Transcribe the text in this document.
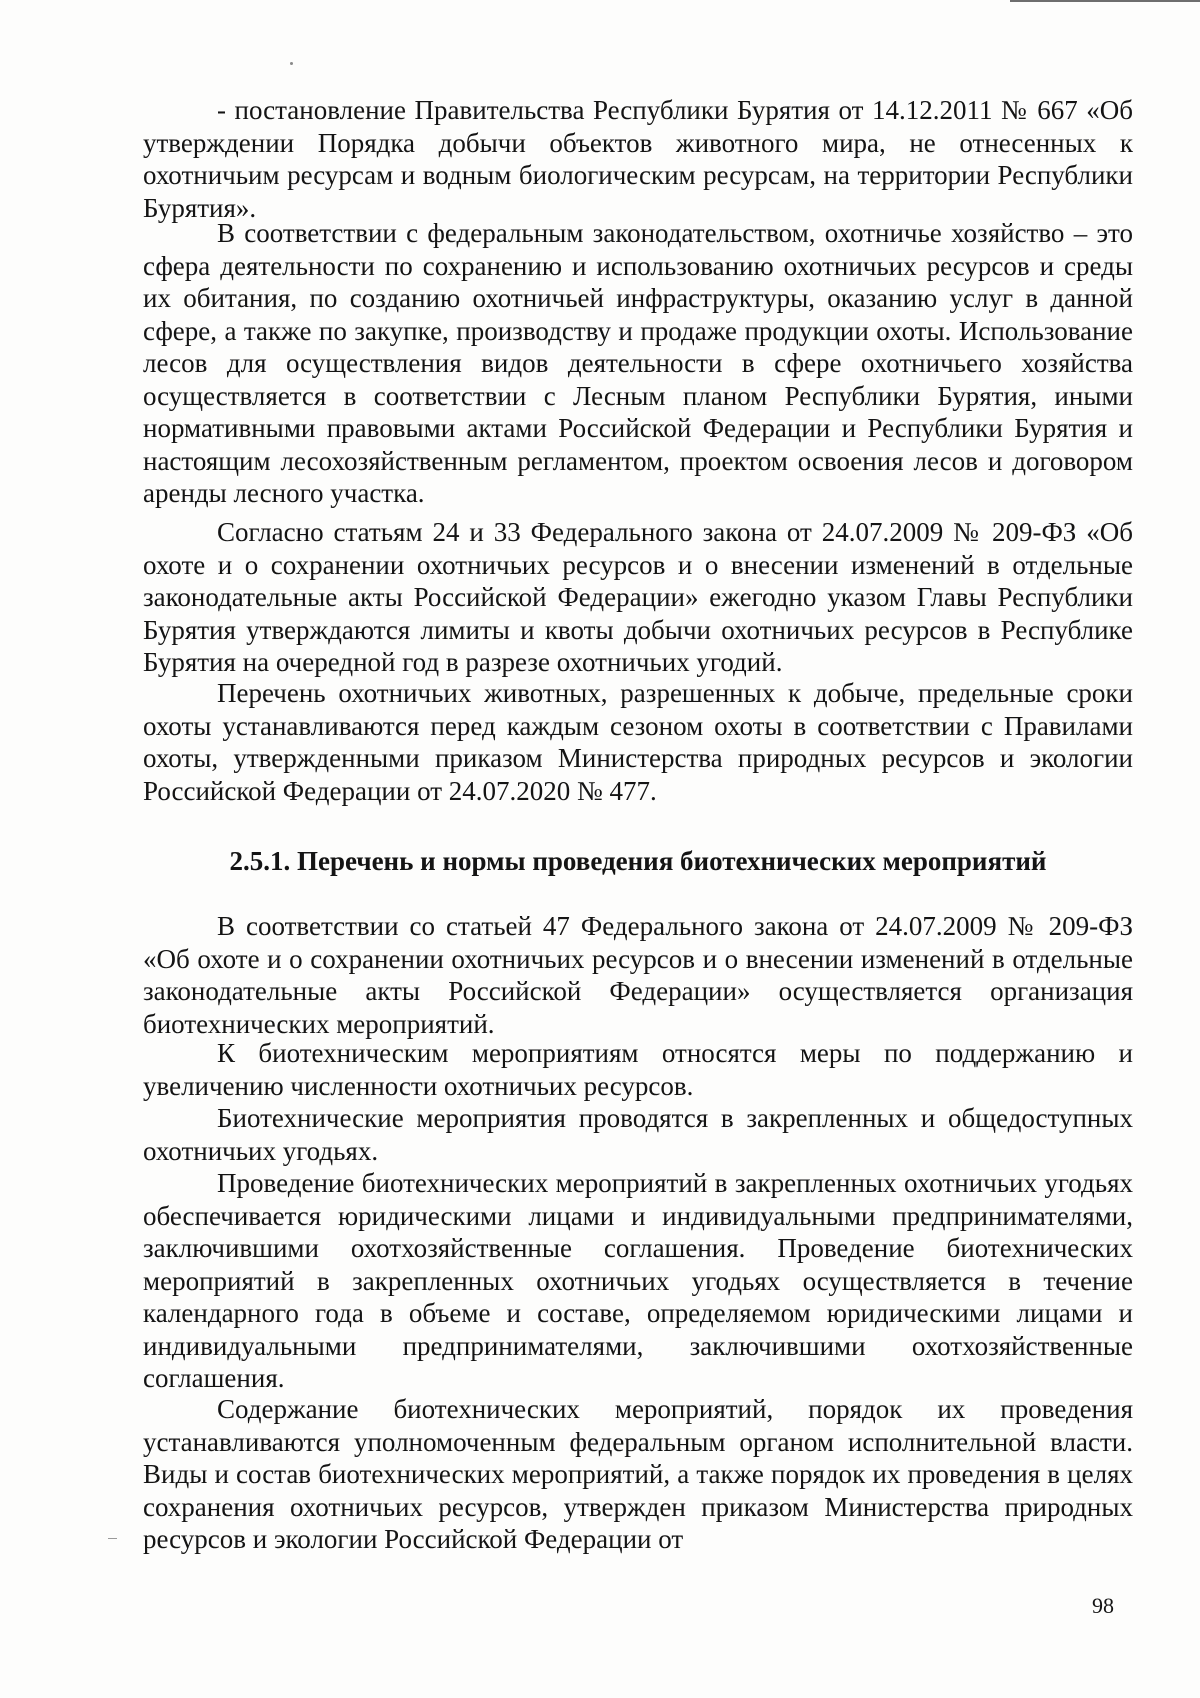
- постановление Правительства Республики Бурятия от 14.12.2011 № 667 «Об утверждении Порядка добычи объектов животного мира, не отнесенных к охотничьим ресурсам и водным биологическим ресурсам, на территории Республики Бурятия».

В соответствии с федеральным законодательством, охотничье хозяйство – это сфера деятельности по сохранению и использованию охотничьих ресурсов и среды их обитания, по созданию охотничьей инфраструктуры, оказанию услуг в данной сфере, а также по закупке, производству и продаже продукции охоты. Использование лесов для осуществления видов деятельности в сфере охотничьего хозяйства осуществляется в соответствии с Лесным планом Республики Бурятия, иными нормативными правовыми актами Российской Федерации и Республики Бурятия и настоящим лесохозяйственным регламентом, проектом освоения лесов и договором аренды лесного участка.

Согласно статьям 24 и 33 Федерального закона от 24.07.2009 № 209-ФЗ «Об охоте и о сохранении охотничьих ресурсов и о внесении изменений в отдельные законодательные акты Российской Федерации» ежегодно указом Главы Республики Бурятия утверждаются лимиты и квоты добычи охотничьих ресурсов в Республике Бурятия на очередной год в разрезе охотничьих угодий.

Перечень охотничьих животных, разрешенных к добыче, предельные сроки охоты устанавливаются перед каждым сезоном охоты в соответствии с Правилами охоты, утвержденными приказом Министерства природных ресурсов и экологии Российской Федерации от 24.07.2020 № 477.

2.5.1. Перечень и нормы проведения биотехнических мероприятий

В соответствии со статьей 47 Федерального закона от 24.07.2009 № 209-ФЗ «Об охоте и о сохранении охотничьих ресурсов и о внесении изменений в отдельные законодательные акты Российской Федерации» осуществляется организация биотехнических мероприятий.

К биотехническим мероприятиям относятся меры по поддержанию и увеличению численности охотничьих ресурсов.

Биотехнические мероприятия проводятся в закрепленных и общедоступных охотничьих угодьях.

Проведение биотехнических мероприятий в закрепленных охотничьих угодьях обеспечивается юридическими лицами и индивидуальными предпринимателями, заключившими охотхозяйственные соглашения. Проведение биотехнических мероприятий в закрепленных охотничьих угодьях осуществляется в течение календарного года в объеме и составе, определяемом юридическими лицами и индивидуальными предпринимателями, заключившими охотхозяйственные соглашения.

Содержание биотехнических мероприятий, порядок их проведения устанавливаются уполномоченным федеральным органом исполнительной власти. Виды и состав биотехнических мероприятий, а также порядок их проведения в целях сохранения охотничьих ресурсов, утвержден приказом Министерства природных ресурсов и экологии Российской Федерации от

98
